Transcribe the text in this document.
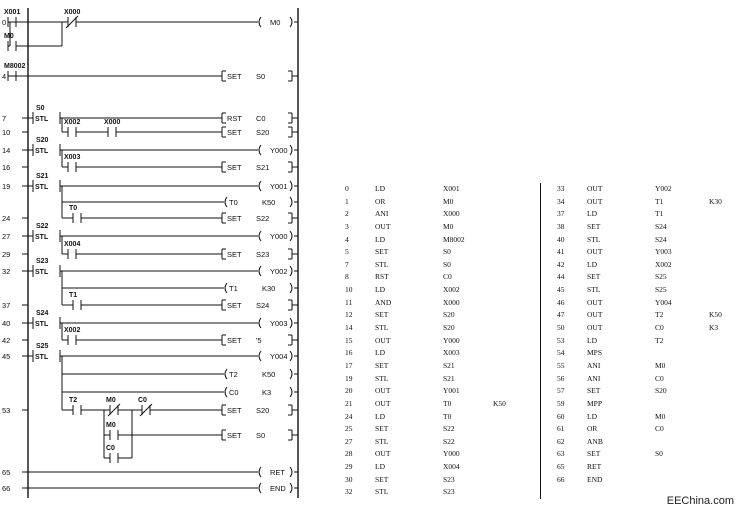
0
X001	X000
M0
M0
4
M8002
SET S0
7	STL
S0
RST C0
10
X002	X000
SET S20
14	STL
S20
Y000
16
X003
SET S21
19	STL
S21
Y001
T0	K50
24
T0
SET S22
27	STL
S22
Y000
29
X004
SET S23
32	STL
S23
Y002
T1	K30
37
T1
SET S24
40	STL
S24
Y003
42
X002
SET '5
45	STL
S25
Y004
T2	K50
C0	K3
53
T2	M0	C0
SET S20
M0
C0
SET S0
65	RET
66	END
0	LD	X001
1	OR	M0
2	ANI	X000
3	OUT	M0
4	LD	M8002
5	SET	S0
7	STL	S0
8	RST	C0
10	LD	X002
11	AND	X000
12	SET	S20
14	STL	S20
15	OUT	Y000
16	LD	X003
17	SET	S21
19	STL	S21
20	OUT	Y001
21	OUT	T0	K50
24	LD	T0
25	SET	S22
27	STL	S22
28	OUT	Y000
29	LD	X004
30	SET	S23
32	STL	S23
33	OUT	Y002
34	OUT	T1	K30
37	LD	T1
38	SET	S24
40	STL	S24
41	OUT	Y003
42	LD	X002
44	SET	S25
45	STL	S25
46	OUT	Y004
47	OUT	T2	K50
50	OUT	C0	K3
53	LD	T2
54	MPS
55	ANI	M0
56	ANI	C0
57	SET	S20
59	MPP
60	LD	M0
61	OR	C0
62	ANB
63	SET	S0
65	RET
66	END
EEChina.com
